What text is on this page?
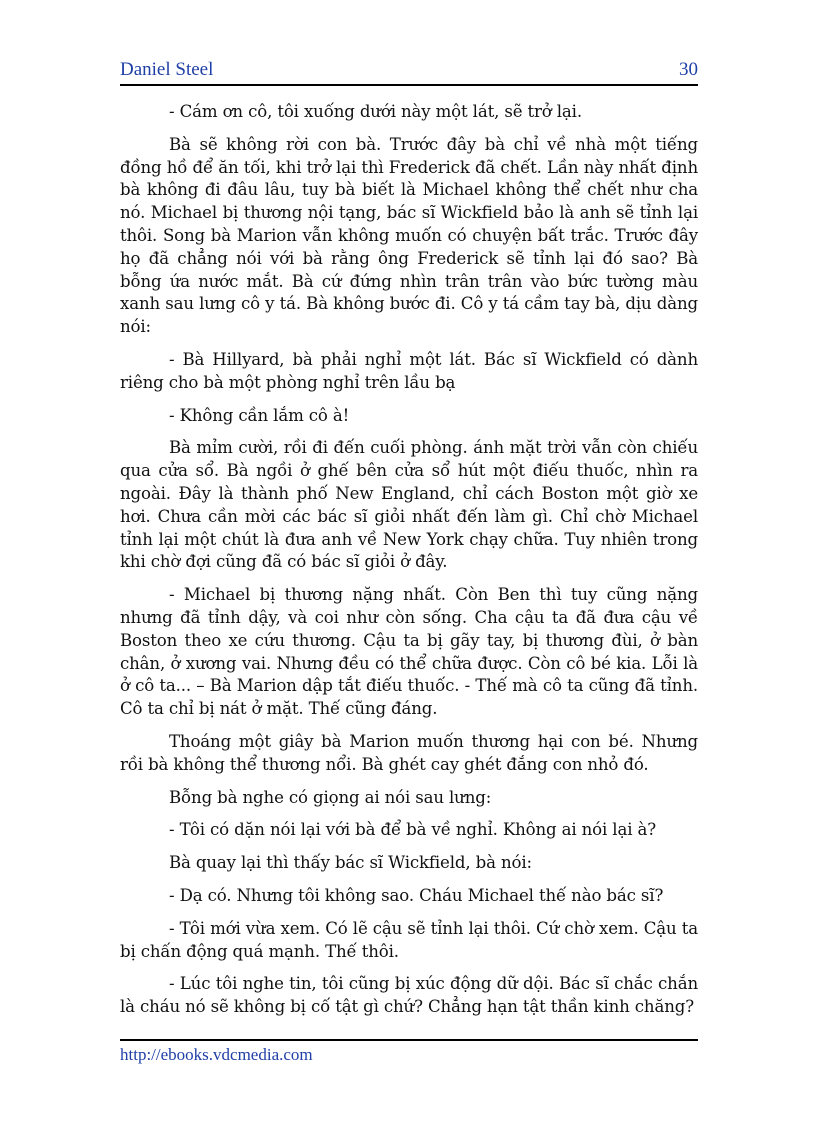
Daniel Steel	30

- Cám ơn cô, tôi xuống dưới này một lát, sẽ trở lại.

Bà sẽ không rời con bà. Trước đây bà chỉ về nhà một tiếng đồng hồ để ăn tối, khi trở lại thì Frederick đã chết. Lần này nhất định bà không đi đâu lâu, tuy bà biết là Michael không thể chết như cha nó. Michael bị thương nội tạng, bác sĩ Wickfield bảo là anh sẽ tỉnh lại thôi. Song bà Marion vẫn không muốn có chuyện bất trắc. Trước đây họ đã chẳng nói với bà rằng ông Frederick sẽ tỉnh lại đó sao? Bà bỗng ứa nước mắt. Bà cứ đứng nhìn trân trân vào bức tường màu xanh sau lưng cô y tá. Bà không bước đi. Cô y tá cầm tay bà, dịu dàng nói:

- Bà Hillyard, bà phải nghỉ một lát. Bác sĩ Wickfield có dành riêng cho bà một phòng nghỉ trên lầu bạ

- Không cần lắm cô à!

Bà mỉm cười, rồi đi đến cuối phòng. ánh mặt trời vẫn còn chiếu qua cửa sổ. Bà ngồi ở ghế bên cửa sổ hút một điếu thuốc, nhìn ra ngoài. Đây là thành phố New England, chỉ cách Boston một giờ xe hơi. Chưa cần mời các bác sĩ giỏi nhất đến làm gì. Chỉ chờ Michael tỉnh lại một chút là đưa anh về New York chạy chữa. Tuy nhiên trong khi chờ đợi cũng đã có bác sĩ giỏi ở đây.

- Michael bị thương nặng nhất. Còn Ben thì tuy cũng nặng nhưng đã tỉnh dậy, và coi như còn sống. Cha cậu ta đã đưa cậu về Boston theo xe cứu thương. Cậu ta bị gãy tay, bị thương đùi, ở bàn chân, ở xương vai. Nhưng đều có thể chữa được. Còn cô bé kia. Lỗi là ở cô ta... – Bà Marion dập tắt điếu thuốc. - Thế mà cô ta cũng đã tỉnh. Cô ta chỉ bị nát ở mặt. Thế cũng đáng.

Thoáng một giây bà Marion muốn thương hại con bé. Nhưng rồi bà không thể thương nổi. Bà ghét cay ghét đắng con nhỏ đó.

Bỗng bà nghe có giọng ai nói sau lưng:

- Tôi có dặn nói lại với bà để bà về nghỉ. Không ai nói lại à?

Bà quay lại thì thấy bác sĩ Wickfield, bà nói:

- Dạ có. Nhưng tôi không sao. Cháu Michael thế nào bác sĩ?

- Tôi mới vừa xem. Có lẽ cậu sẽ tỉnh lại thôi. Cứ chờ xem. Cậu ta bị chấn động quá mạnh. Thế thôi.

- Lúc tôi nghe tin, tôi cũng bị xúc động dữ dội. Bác sĩ chắc chắn là cháu nó sẽ không bị cố tật gì chứ? Chẳng hạn tật thần kinh chăng?

http://ebooks.vdcmedia.com
